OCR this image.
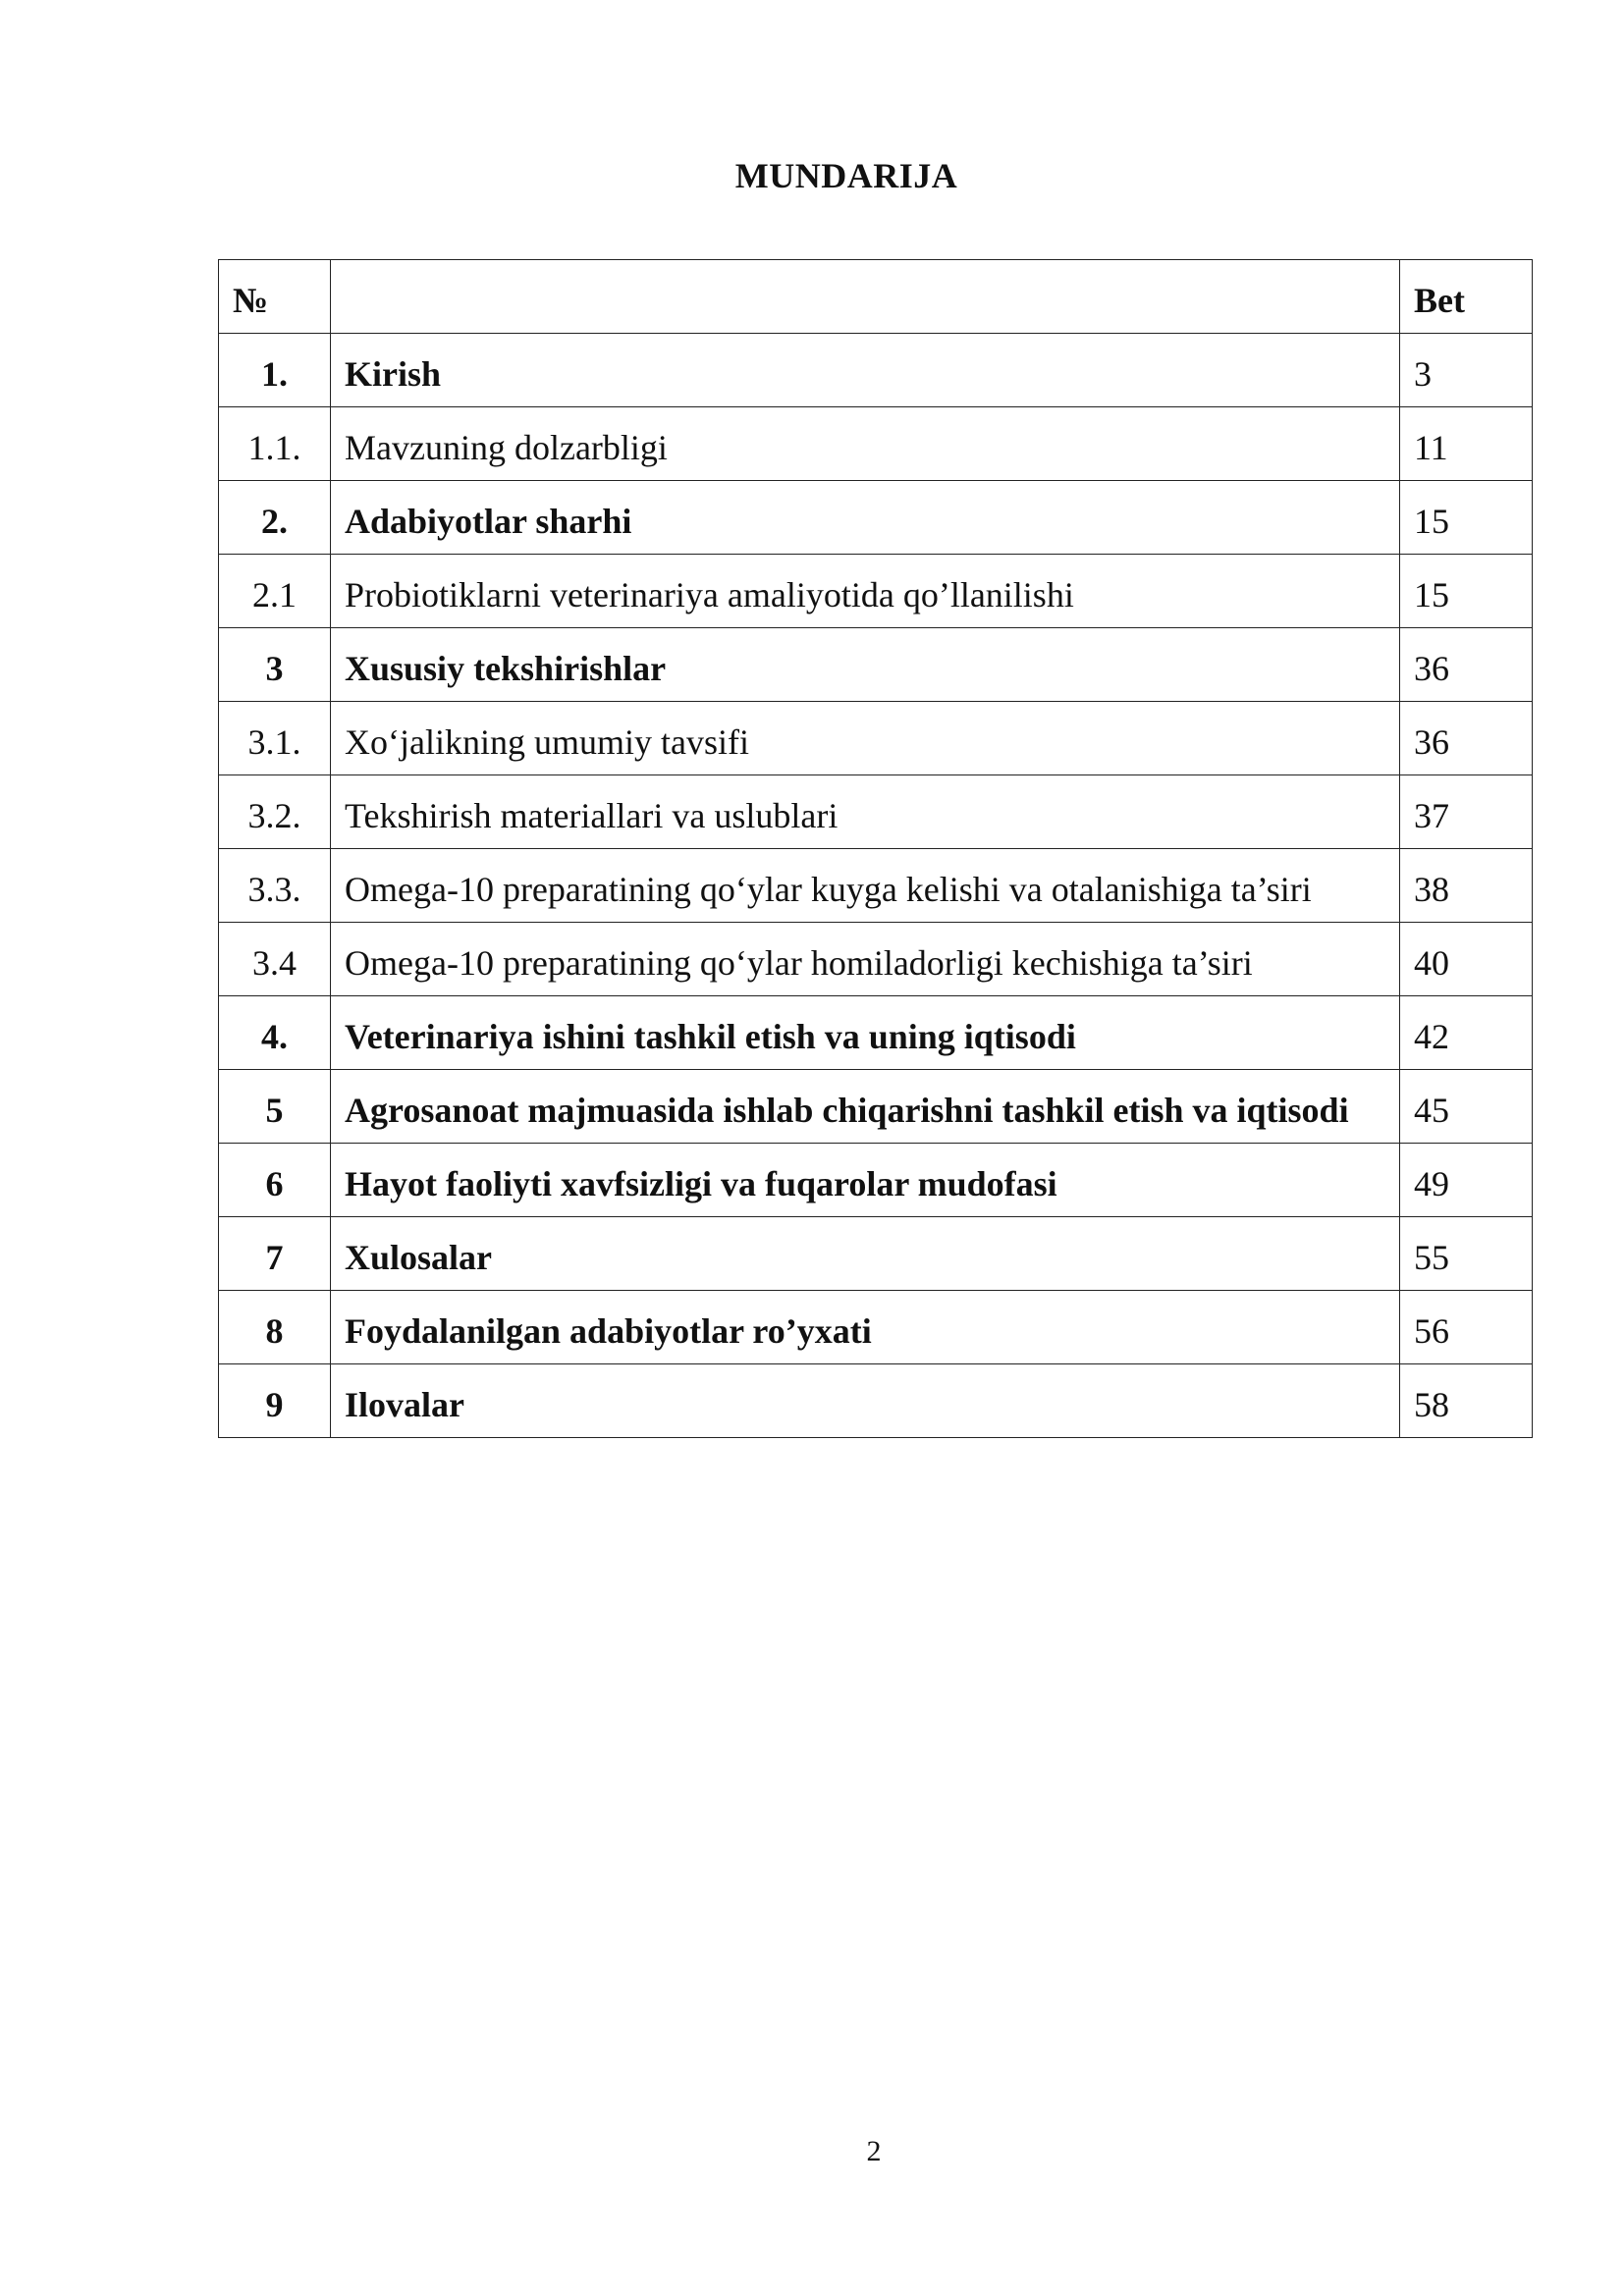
MUNDARIJA
№		Bet
1.	Kirish	3
1.1.	Mavzuning dolzarbligi	11
2.	Adabiyotlar sharhi	15
2.1	Probiotiklarni veterinariya amaliyotida qo’llanilishi	15
3	Xususiy tekshirishlar	36
3.1.	Xo‘jalikning umumiy tavsifi	36
3.2.	Tekshirish materiallari va uslublari	37
3.3.	Omega-10 preparatining qo‘ylar kuyga kelishi va otalanishiga ta’siri	38
3.4	Omega-10 preparatining qo‘ylar homiladorligi kechishiga ta’siri	40
4.	Veterinariya ishini tashkil etish va uning iqtisodi	42
5	Agrosanoat majmuasida ishlab chiqarishni tashkil etish va iqtisodi	45
6	Hayot faoliyti xavfsizligi va fuqarolar mudofasi	49
7	Xulosalar	55
8	Foydalanilgan adabiyotlar ro’yxati	56
9	Ilovalar	58
2
